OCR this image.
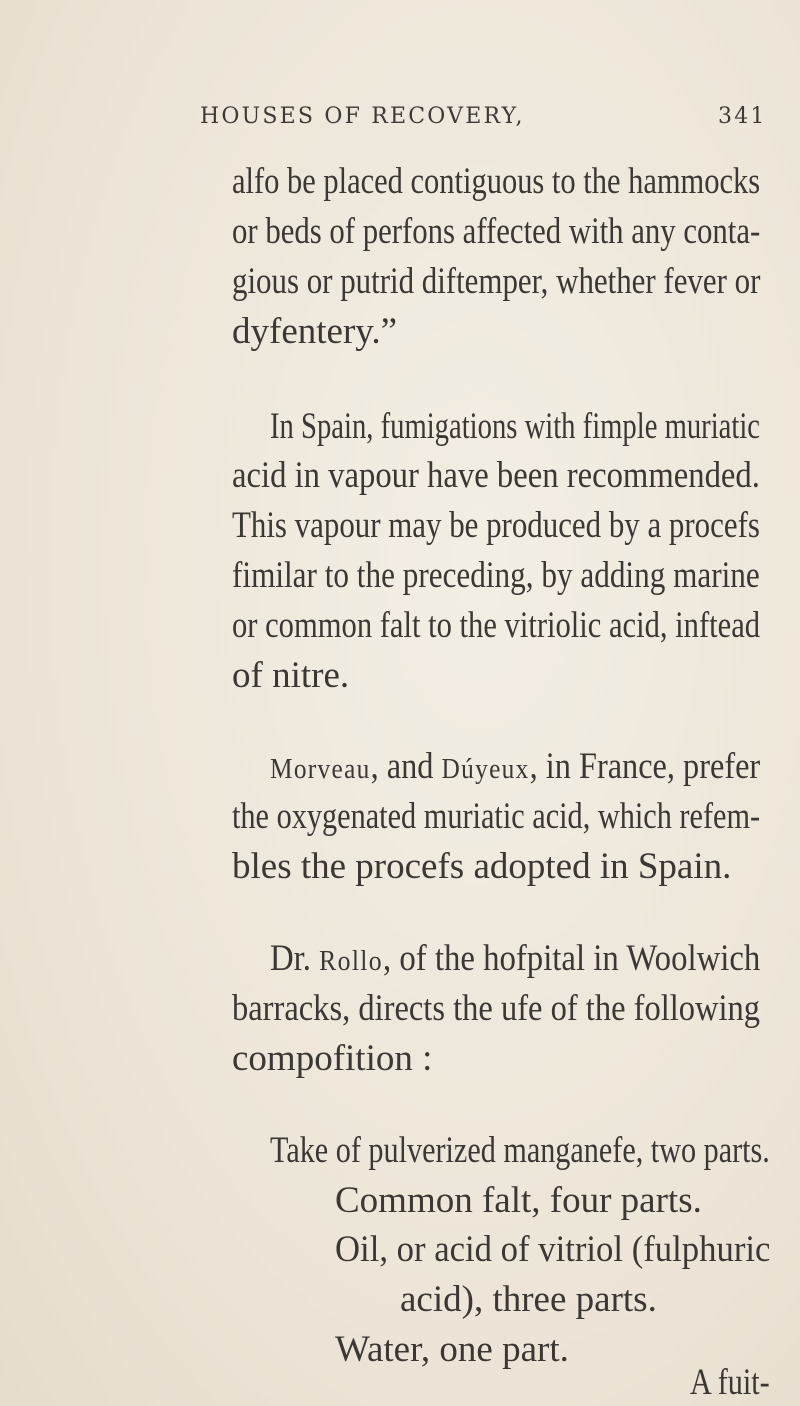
HOUSES OF RECOVERY,	341
alfo be placed contiguous to the hammocks
or beds of perfons affected with any conta-
gious or putrid diftemper, whether fever or
dyfentery.”
In Spain, fumigations with fimple muriatic
acid in vapour have been recommended.
This vapour may be produced by a procefs
fimilar to the preceding, by adding marine
or common falt to the vitriolic acid, inftead
of nitre.
Morveau, and Dúyeux, in France, prefer
the oxygenated muriatic acid, which refem-
bles the procefs adopted in Spain.
Dr. Rollo, of the hofpital in Woolwich
barracks, directs the ufe of the following
compofition :
Take of pulverized manganefe, two parts.
Common falt, four parts.
Oil, or acid of vitriol (fulphuric
acid), three parts.
Water, one part.
A fuit-
